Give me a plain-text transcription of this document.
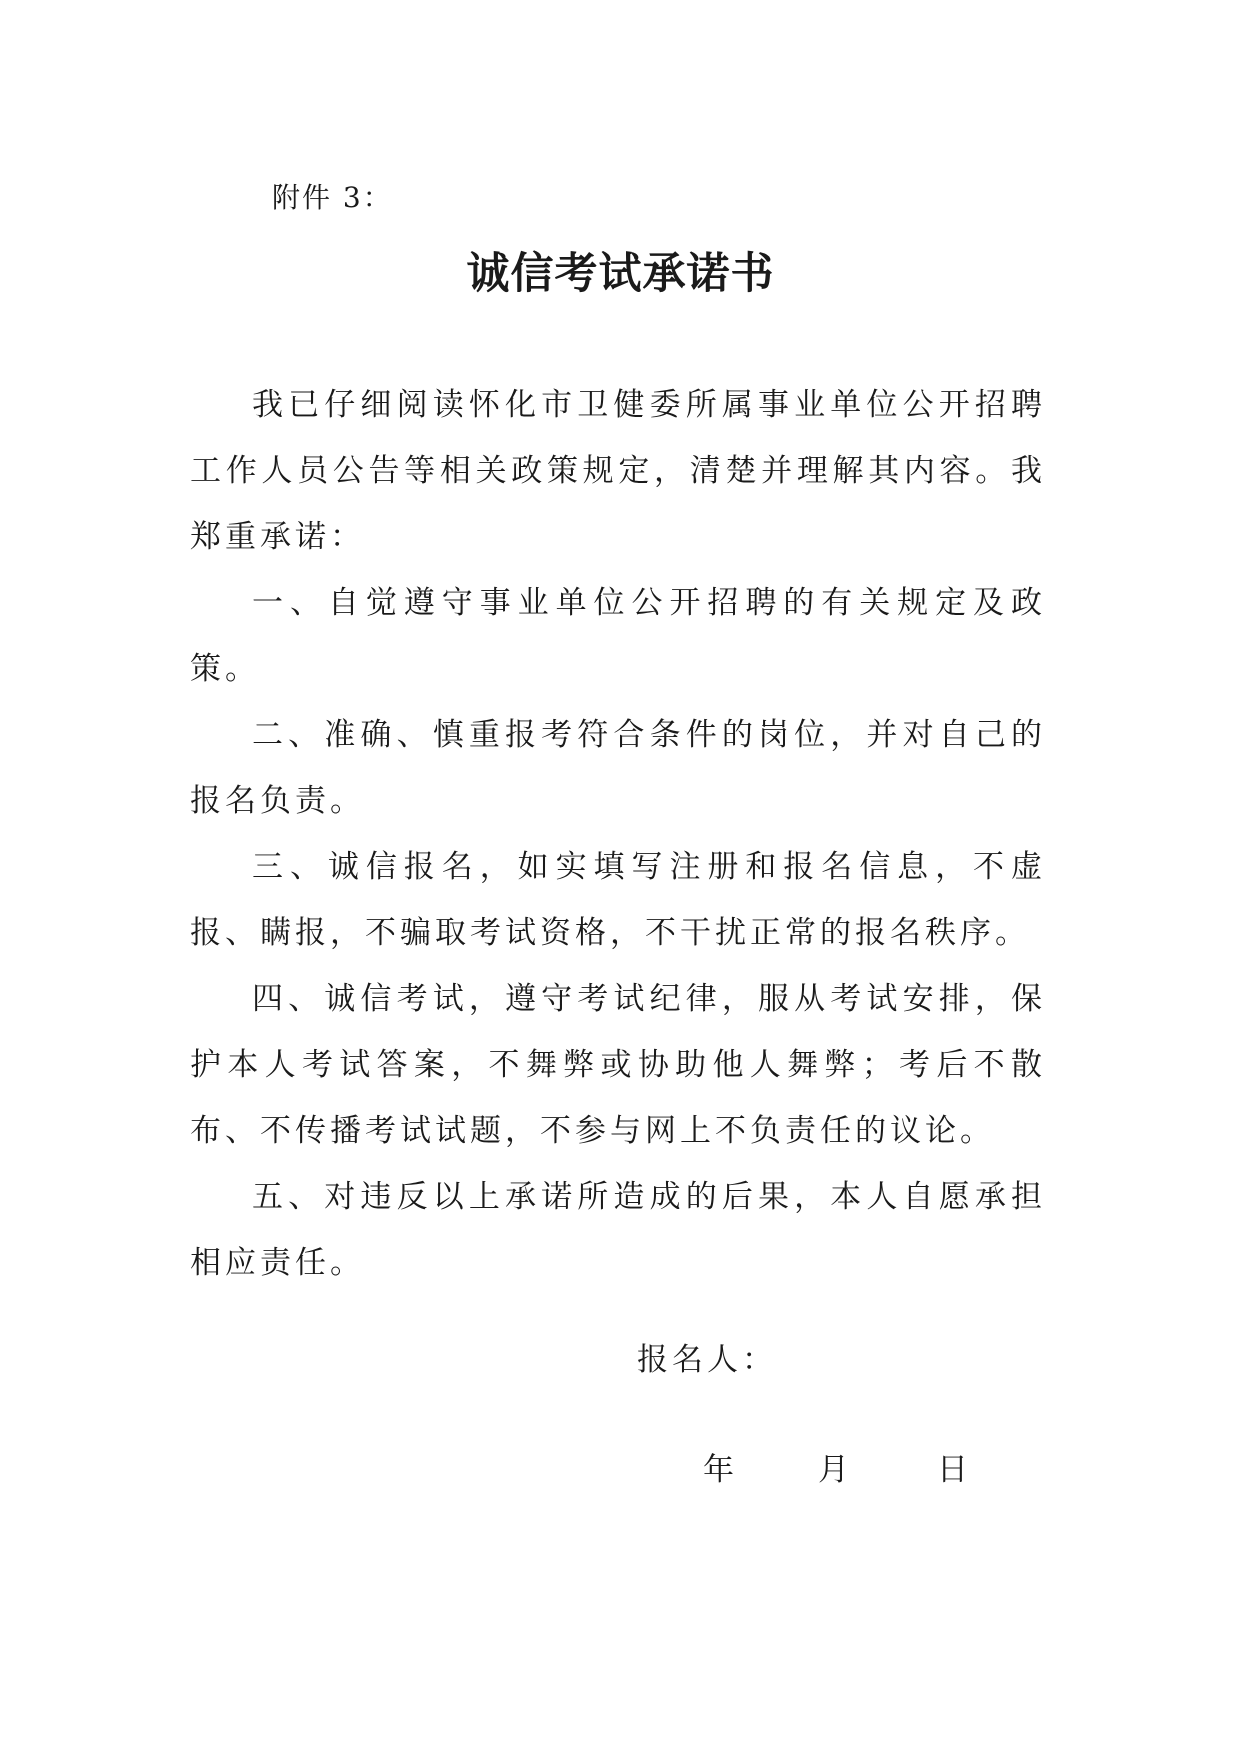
附件 3：
诚信考试承诺书

我已仔细阅读怀化市卫健委所属事业单位公开招聘工作人员公告等相关政策规定，清楚并理解其内容。我郑重承诺：

一、自觉遵守事业单位公开招聘的有关规定及政策。

二、准确、慎重报考符合条件的岗位，并对自己的报名负责。

三、诚信报名，如实填写注册和报名信息，不虚报、瞒报，不骗取考试资格，不干扰正常的报名秩序。

四、诚信考试，遵守考试纪律，服从考试安排，保护本人考试答案，不舞弊或协助他人舞弊；考后不散布、不传播考试试题，不参与网上不负责任的议论。

五、对违反以上承诺所造成的后果，本人自愿承担相应责任。

报名人：
年	月	日
